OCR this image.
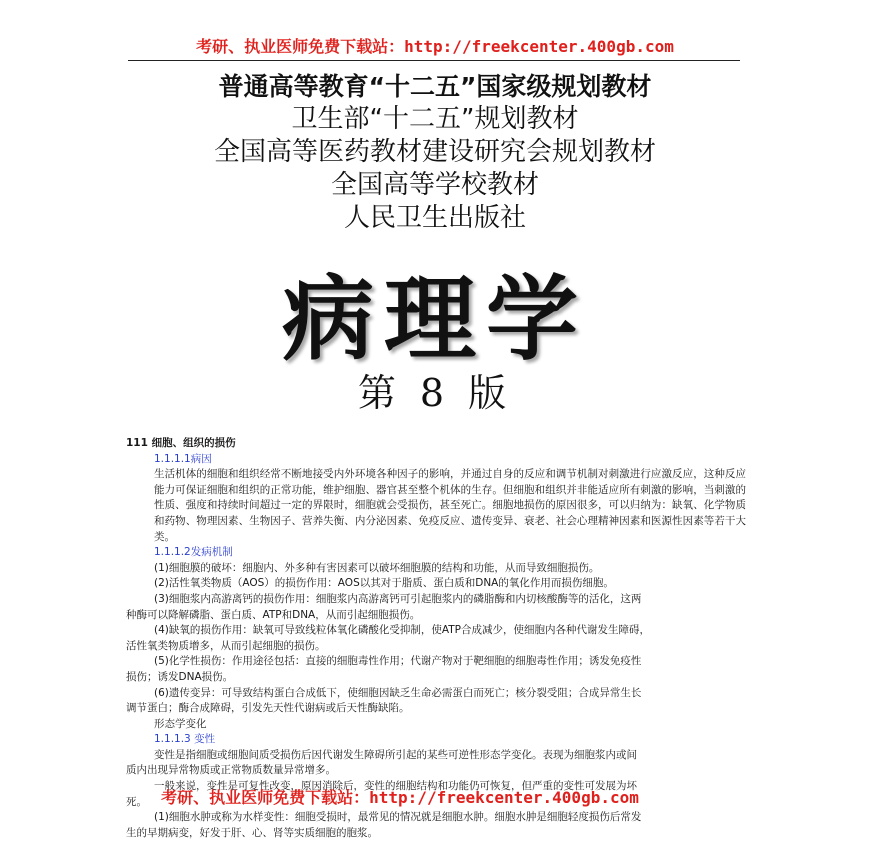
考研、执业医师免费下载站：http://freekcenter.400gb.com
普通高等教育“十二五”国家级规划教材
卫生部“十二五”规划教材
全国高等医药教材建设研究会规划教材
全国高等学校教材
人民卫生出版社
病理学
第 8 版
111 细胞、组织的损伤
1.1.1.1病因
生活机体的细胞和组织经常不断地接受内外环境各种因子的影响，并通过自身的反应和调节机制对刺激进行应激反应，这种反应能力可保证细胞和组织的正常功能，维护细胞、器官甚至整个机体的生存。但细胞和组织并非能适应所有刺激的影响，当刺激的性质、强度和持续时间超过一定的界限时，细胞就会受损伤，甚至死亡。细胞地损伤的原因很多，可以归纳为：缺氧、化学物质和药物、物理因素、生物因子、营养失衡、内分泌因素、免疫反应、遗传变异、衰老、社会心理精神因素和医源性因素等若干大类。
1.1.1.2发病机制
(1)细胞膜的破坏：细胞内、外多种有害因素可以破坏细胞膜的结构和功能，从而导致细胞损伤。
(2)活性氧类物质（AOS）的损伤作用：AOS以其对于脂质、蛋白质和DNA的氧化作用而损伤细胞。
(3)细胞浆内高游离钙的损伤作用：细胞浆内高游离钙可引起胞浆内的磷脂酶和内切核酸酶等的活化，这两
种酶可以降解磷脂、蛋白质、ATP和DNA，从而引起细胞损伤。
(4)缺氧的损伤作用：缺氧可导致线粒体氧化磷酸化受抑制，使ATP合成减少，使细胞内各种代谢发生障碍，
活性氧类物质增多，从而引起细胞的损伤。
(5)化学性损伤：作用途径包括：直接的细胞毒性作用；代谢产物对于靶细胞的细胞毒性作用；诱发免疫性
损伤；诱发DNA损伤。
(6)遗传变异：可导致结构蛋白合成低下，使细胞因缺乏生命必需蛋白而死亡；核分裂受阻；合成异常生长
调节蛋白；酶合成障碍，引发先天性代谢病或后天性酶缺陷。
形态学变化
1.1.1.3 变性
变性是指细胞或细胞间质受损伤后因代谢发生障碍所引起的某些可逆性形态学变化。表现为细胞浆内或间
质内出现异常物质或正常物质数量异常增多。
一般来说，变性是可复性改变，原因消除后，变性的细胞结构和功能仍可恢复，但严重的变性可发展为坏
死。
(1)细胞水肿或称为水样变性：细胞受损时，最常见的情况就是细胞水肿。细胞水肿是细胞轻度损伤后常发
生的早期病变，好发于肝、心、肾等实质细胞的胞浆。
考研、执业医师免费下载站：http://freekcenter.400gb.com
